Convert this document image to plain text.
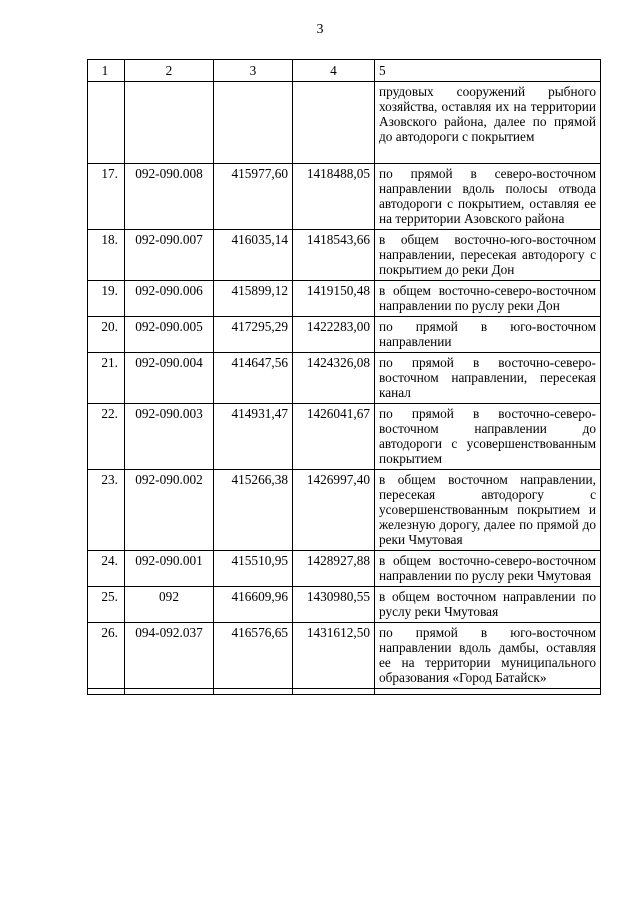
3
1	2	3	4	5
				прудовых сооружений рыбного хозяйства, оставляя их на территории Азовского района, далее по прямой до автодороги с покрытием
17.	092-090.008	415977,60	1418488,05	по прямой в северо-восточном направлении вдоль полосы отвода автодороги с покрытием, оставляя ее на территории Азовского района
18.	092-090.007	416035,14	1418543,66	в общем восточно-юго-восточном направлении, пересекая автодорогу с покрытием до реки Дон
19.	092-090.006	415899,12	1419150,48	в общем восточно-северо-восточном направлении по руслу реки Дон
20.	092-090.005	417295,29	1422283,00	по прямой в юго-восточном направлении
21.	092-090.004	414647,56	1424326,08	по прямой в восточно-северо-восточном направлении, пересекая канал
22.	092-090.003	414931,47	1426041,67	по прямой в восточно-северо-восточном направлении до автодороги с усовершенствованным покрытием
23.	092-090.002	415266,38	1426997,40	в общем восточном направлении, пересекая автодорогу с усовершенствованным покрытием и железную дорогу, далее по прямой до реки Чмутовая
24.	092-090.001	415510,95	1428927,88	в общем восточно-северо-восточном направлении по руслу реки Чмутовая
25.	092	416609,96	1430980,55	в общем восточном направлении по руслу реки Чмутовая
26.	094-092.037	416576,65	1431612,50	по прямой в юго-восточном направлении вдоль дамбы, оставляя ее на территории муниципального образования «Город Батайск»
